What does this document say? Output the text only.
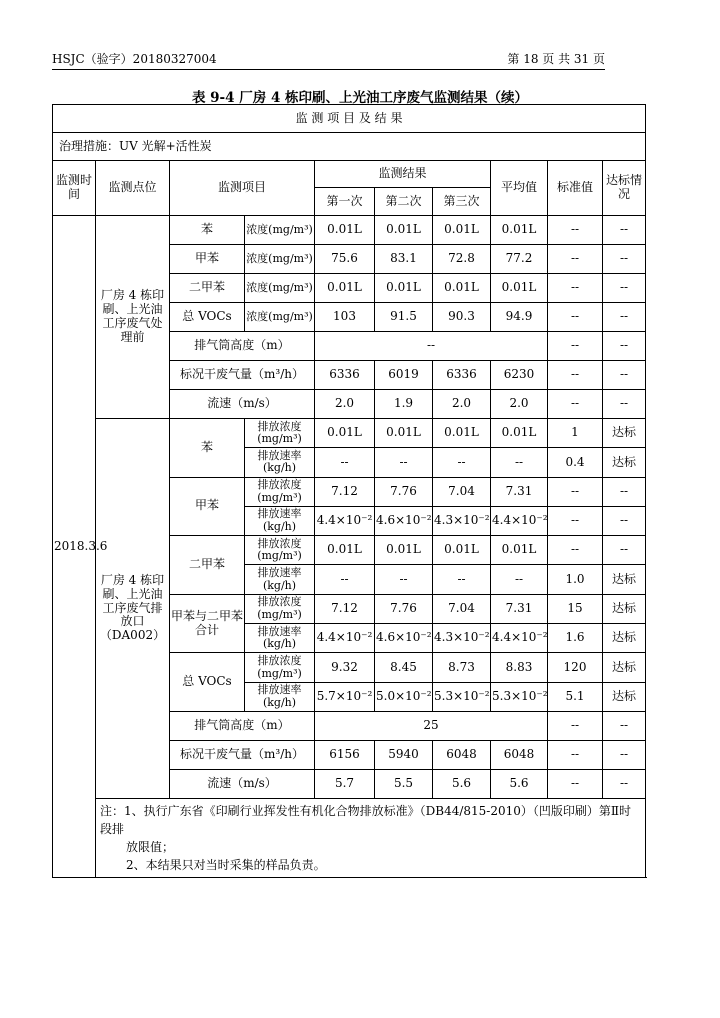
HSJC（验字）20180327004	第 18 页 共 31 页
表 9-4 厂房 4 栋印刷、上光油工序废气监测结果（续）
监 测 项 目 及 结 果									
治理措施：UV 光解+活性炭									
监测时间	监测点位	监测项目		监测结果			平均值	标准值	达标情况
				第一次	第二次	第三次			
2018.3.6	厂房 4 栋印刷、上光油工序废气处理前	苯	浓度(mg/m³)	0.01L	0.01L	0.01L	0.01L	--	--
		甲苯	浓度(mg/m³)	75.6	83.1	72.8	77.2	--	--
		二甲苯	浓度(mg/m³)	0.01L	0.01L	0.01L	0.01L	--	--
		总 VOCs	浓度(mg/m³)	103	91.5	90.3	94.9	--	--
		排气筒高度（m）		--				--	--
		标况干废气量（m³/h）		6336	6019	6336	6230	--	--
		流速（m/s）		2.0	1.9	2.0	2.0	--	--
	厂房 4 栋印刷、上光油工序废气排放口（DA002）	苯	排放浓度(mg/m³)	0.01L	0.01L	0.01L	0.01L	1	达标
			排放速率(kg/h)	--	--	--	--	0.4	达标
		甲苯	排放浓度(mg/m³)	7.12	7.76	7.04	7.31	--	--
			排放速率(kg/h)	4.4×10⁻²	4.6×10⁻²	4.3×10⁻²	4.4×10⁻²	--	--
		二甲苯	排放浓度(mg/m³)	0.01L	0.01L	0.01L	0.01L	--	--
			排放速率(kg/h)	--	--	--	--	1.0	达标
		甲苯与二甲苯合计	排放浓度(mg/m³)	7.12	7.76	7.04	7.31	15	达标
			排放速率(kg/h)	4.4×10⁻²	4.6×10⁻²	4.3×10⁻²	4.4×10⁻²	1.6	达标
		总 VOCs	排放浓度(mg/m³)	9.32	8.45	8.73	8.83	120	达标
			排放速率(kg/h)	5.7×10⁻²	5.0×10⁻²	5.3×10⁻²	5.3×10⁻²	5.1	达标
		排气筒高度（m）		25				--	--
		标况干废气量（m³/h）		6156	5940	6048	6048	--	--
		流速（m/s）		5.7	5.5	5.6	5.6	--	--

	注：1、执行广东省《印刷行业挥发性有机化合物排放标准》（DB44/815-2010）（凹版印刷）第Ⅱ时段排
放限值；
2、本结果只对当时采集的样品负责。								
